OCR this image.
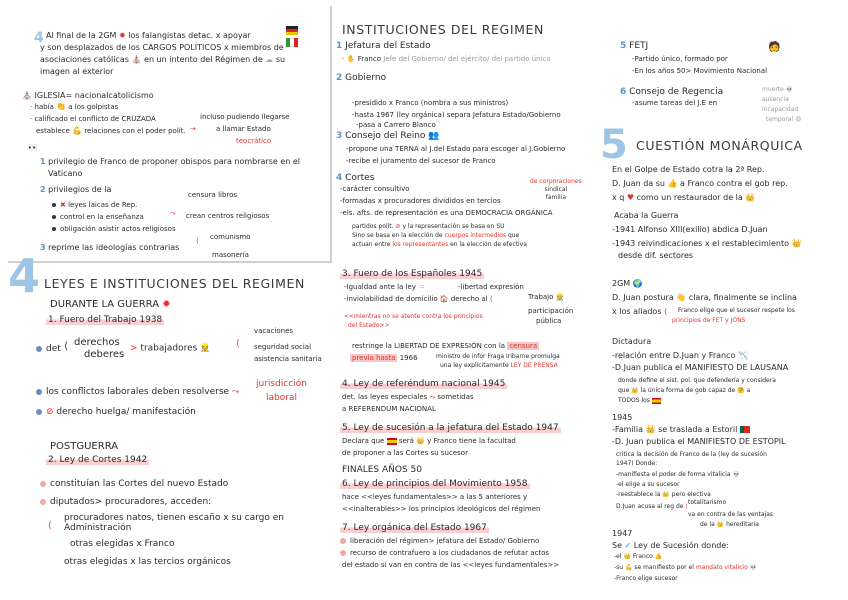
4 Al final de la 2GM ✹ los falangistas detac. x apoyar
y son desplazados de los CARGOS POLÍTICOS x miembros de
asociaciones católicas ⛪ en un intento del Régimen de ☁ su
imagen al exterior
⛪ IGLESIA= nacionalcatolicismo
· había 👏 a los golpistas
· calificado el conflicto de CRUZADA
establece 💪 relaciones con el poder polít. →
incluso pudiendo llegarse
a llamar Estado
teocrático
👀
1 privilegio de Franco de proponer obispos para nombrarse en el
Vaticano
2 privilegios de la
censura libros
✖ leyes laicas de Rep.
control en la enseñanza	⤳ crean centros religiosos
obligación asistir actos religiosos
3 reprime las ideologías contrarias
⟨ comunismo
masonería
4 LEYES E INSTITUCIONES DEL REGIMEN
DURANTE LA GUERRA ✹
1. Fuero del Trabajo 1938
det
derechos
deberes
⟨	> trabajadores 👷	⟨
vacaciones
seguridad social
asistencia sanitaria
los conflictos laborales deben resolverse ⤳
jurisdicción
laboral
⊘ derecho huelga/ manifestación
POSTGUERRA
2. Ley de Cortes 1942
constituían las Cortes del nuevo Estado
diputados> procuradores, acceden:
⟨
procuradores natos, tienen escaño x su cargo en
Administración
otras elegidas x Franco
otras elegidas x las tercios orgánicos
INSTITUCIONES DEL REGIMEN
1 Jefatura del Estado
- ✋ Franco Jefe del Gobierno/ del ejército/ del partido único
2 Gobierno
-presidido x Franco (nombra a sus ministros)
-hasta 1967 (ley orgánica) separa Jefatura Estado/Gobierno
-pasa a Carrero Blanco
3 Consejo del Reino 👥
-propone una TERNA al J.del Estado para escoger al J.Gobierno
-recibe el juramento del sucesor de Franco
4 Cortes
-carácter consultivo
-formadas x procuradores divididos en tercios
-els. afts. de representación es una DEMOCRACIA ORGÁNICA
de corporaciones
sindical
familia
partidos polít. ⊘ y la representación se basa en SU
Sino se basa en la elección de cuerpos intermedios que
actuan entre los representantes en la elección de efectiva
3. Fuero de los Españoles 1945
-Igualdad ante la ley ＝	-libertad expresión
-inviolabilidad de domicilio 🏠 derecho al ⟨	Trabajo 👷
participación
pública
<<mientras no se atente contra los principios
del Estado>>
restringe la LIBERTAD DE EXPRESIÓN con la censura
previa hasta 1966	ministro de infor Fraga Iribarne promulga
una ley explícitamente LEY DE PRENSA
4. Ley de referéndum nacional 1945
det. las leyes especiales ⤳ sometidas
a REFERENDUM NACIONAL
5. Ley de sucesión a la jefatura del Estado 1947
Declara que será 👑 y Franco tiene la facultad
de proponer a las Cortes su sucesor
FINALES AÑOS 50
6. Ley de principios del Movimiento 1958
hace <<leyes fundamentales>> a las 5 anteriores y
<<inalterables>> los principios ideológicos del régimen
7. Ley orgánica del Estado 1967
liberación del régimen> jefatura del Estado/ Gobierno
recurso de contrafuero a los ciudadanos de refutar actos
del estado si van en contra de las <<leyes fundamentales>>
5 FETJ	🧑
-Partido único, formado por
-En los años 50> Movimiento Nacional
6 Consejo de Regencia
-asume tareas del J.E en
muerte 💀
ausencia
incapacidad
temporal 😟
5 CUESTIÓN MONÁRQUICA
En el Golpe de Estado cotra la 2ª Rep.
D. Juan da su 👍 a Franco contra el gob rep.
x q ♥ como un restaurador de la 👑
Acaba la Guerra
-1941 Alfonso XIII(exilio) abdica D.Juan
-1943 reivindicaciones x el restablecimiento 👑
desde dif. sectores
2GM 🌍
D. Juan postura 👋 clara, finalmente se inclina
x los aliados ⟨ Franco elige que el sucesor respete los
principios de FET y JONS
Dictadura
-relación entre D.Juan y Franco 📉
-D.Juan publica el MANIFIESTO DE LAUSANA
donde define el sist. pol. que defendería y considera
que 👑 la única forma de gob capaz de 🤗 a
TODOS los
1945
-Familia 👑 se traslada a Estoril
-D. Juan publica el MANIFIESTO DE ESTOPIL
critica la decisión de Franco de la (ley de sucesión
1947) Donde:
-manifiesta el poder de forma vitalicia 💀
-el elige a su sucesor
-reestablece la 👑 pero electiva
D.Juan acusa al reg de ⟨
totalitarismo
va en contra de las ventajas
de la 👑 hereditaria
1947
Se ✓ Ley de Sucesión donde:
-el 👑 Franco 👍
-su 💪 se manifiesto por el mandato vitalicio 💀
-Franco elige sucesor
